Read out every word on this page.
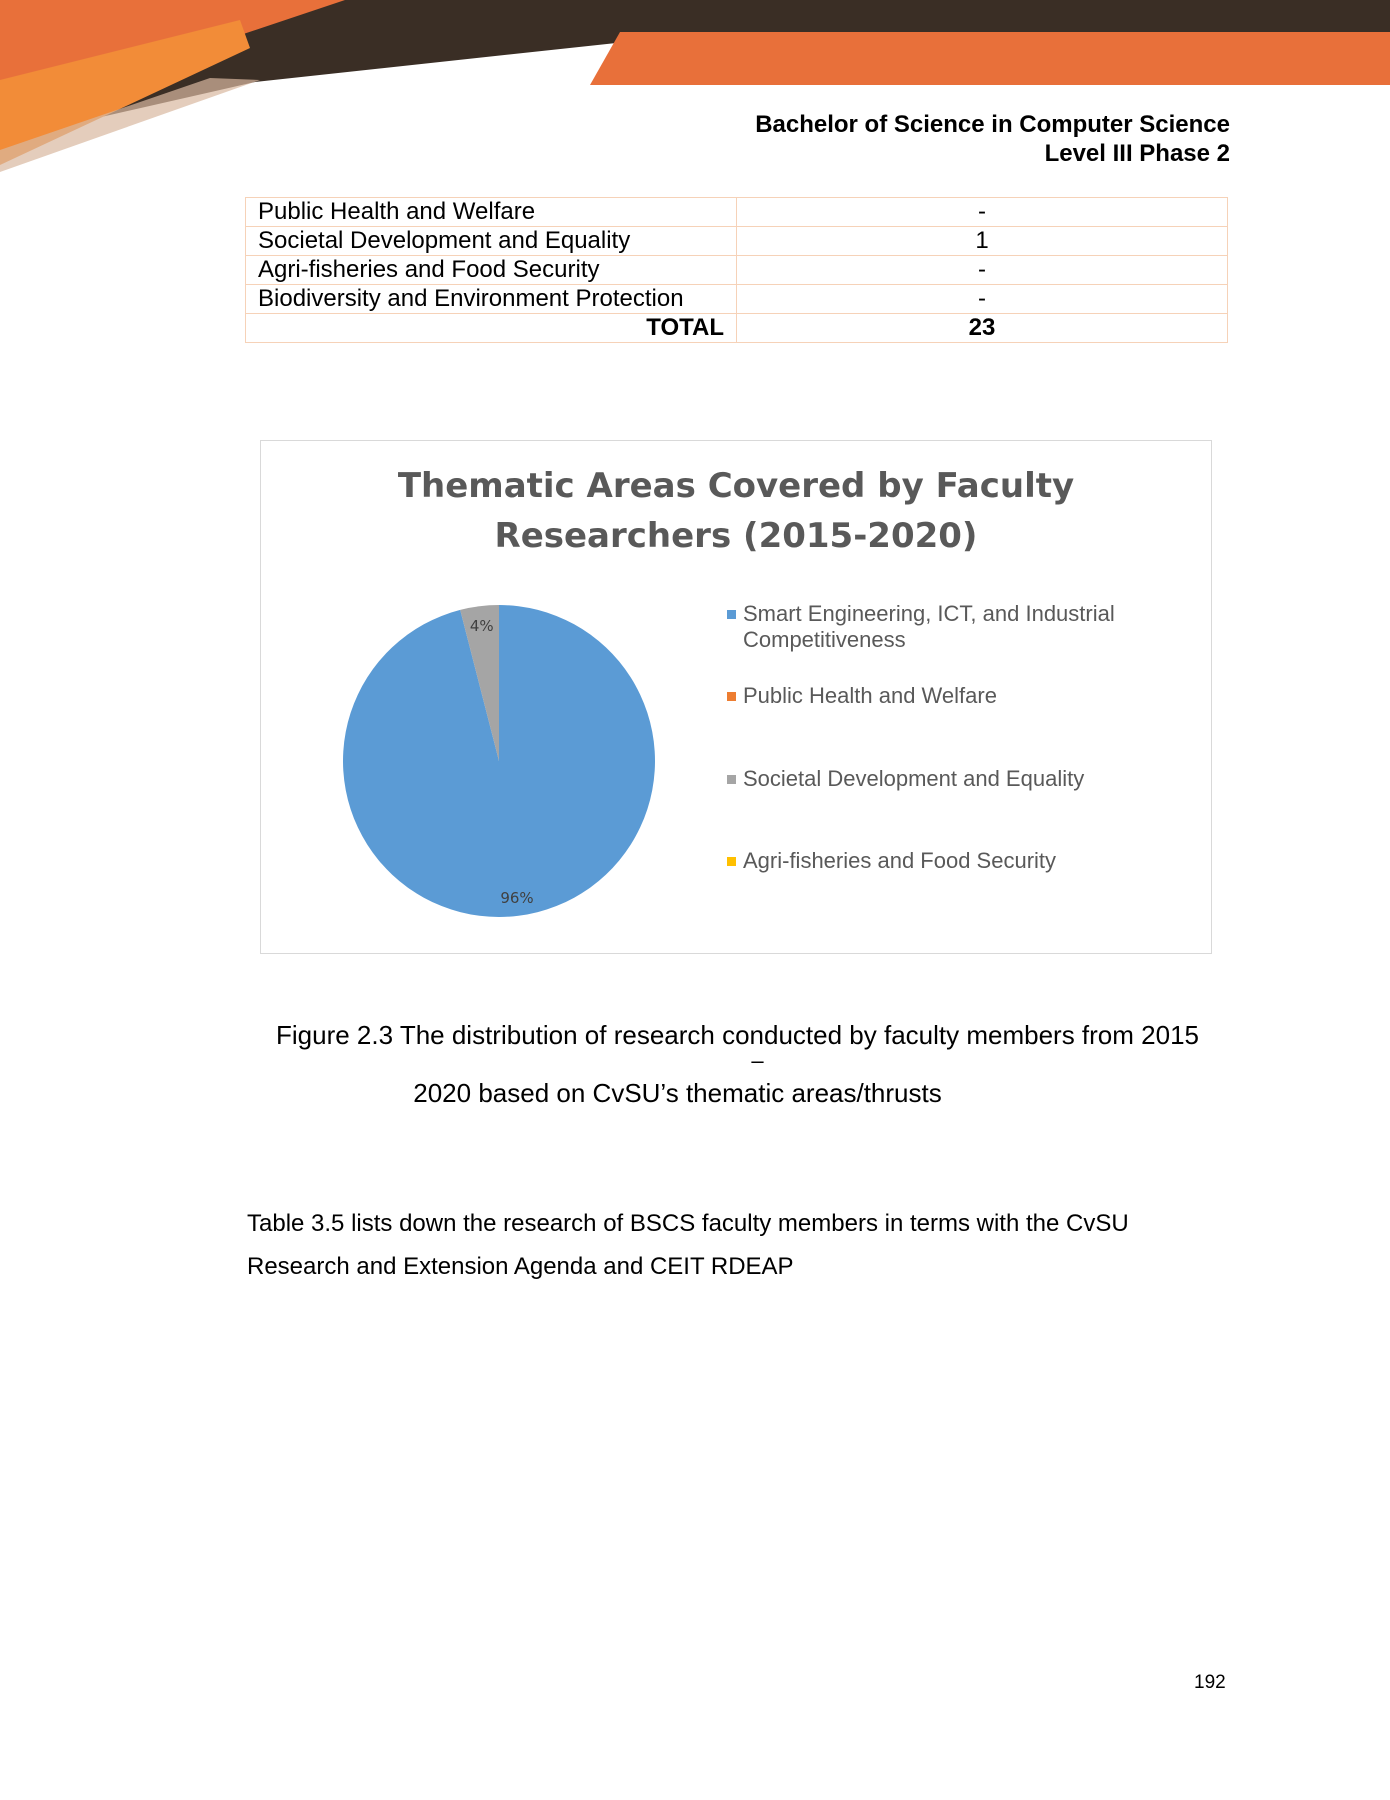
Bachelor of Science in Computer Science
Level III Phase 2
Public Health and Welfare	-
Societal Development and Equality	1
Agri-fisheries and Food Security	-
Biodiversity and Environment Protection	-
TOTAL	23
Thematic Areas Covered by Faculty
Researchers (2015-2020)
96%
4%	Smart Engineering, ICT, and Industrial Competitiveness
Public Health and Welfare
Societal Development and Equality
Agri-fisheries and Food Security
Figure 2.3 The distribution of research conducted by faculty members from 2015
–
2020 based on CvSU’s thematic areas/thrusts
Table 3.5 lists down the research of BSCS faculty members in terms with the CvSU
Research and Extension Agenda and CEIT RDEAP
192
